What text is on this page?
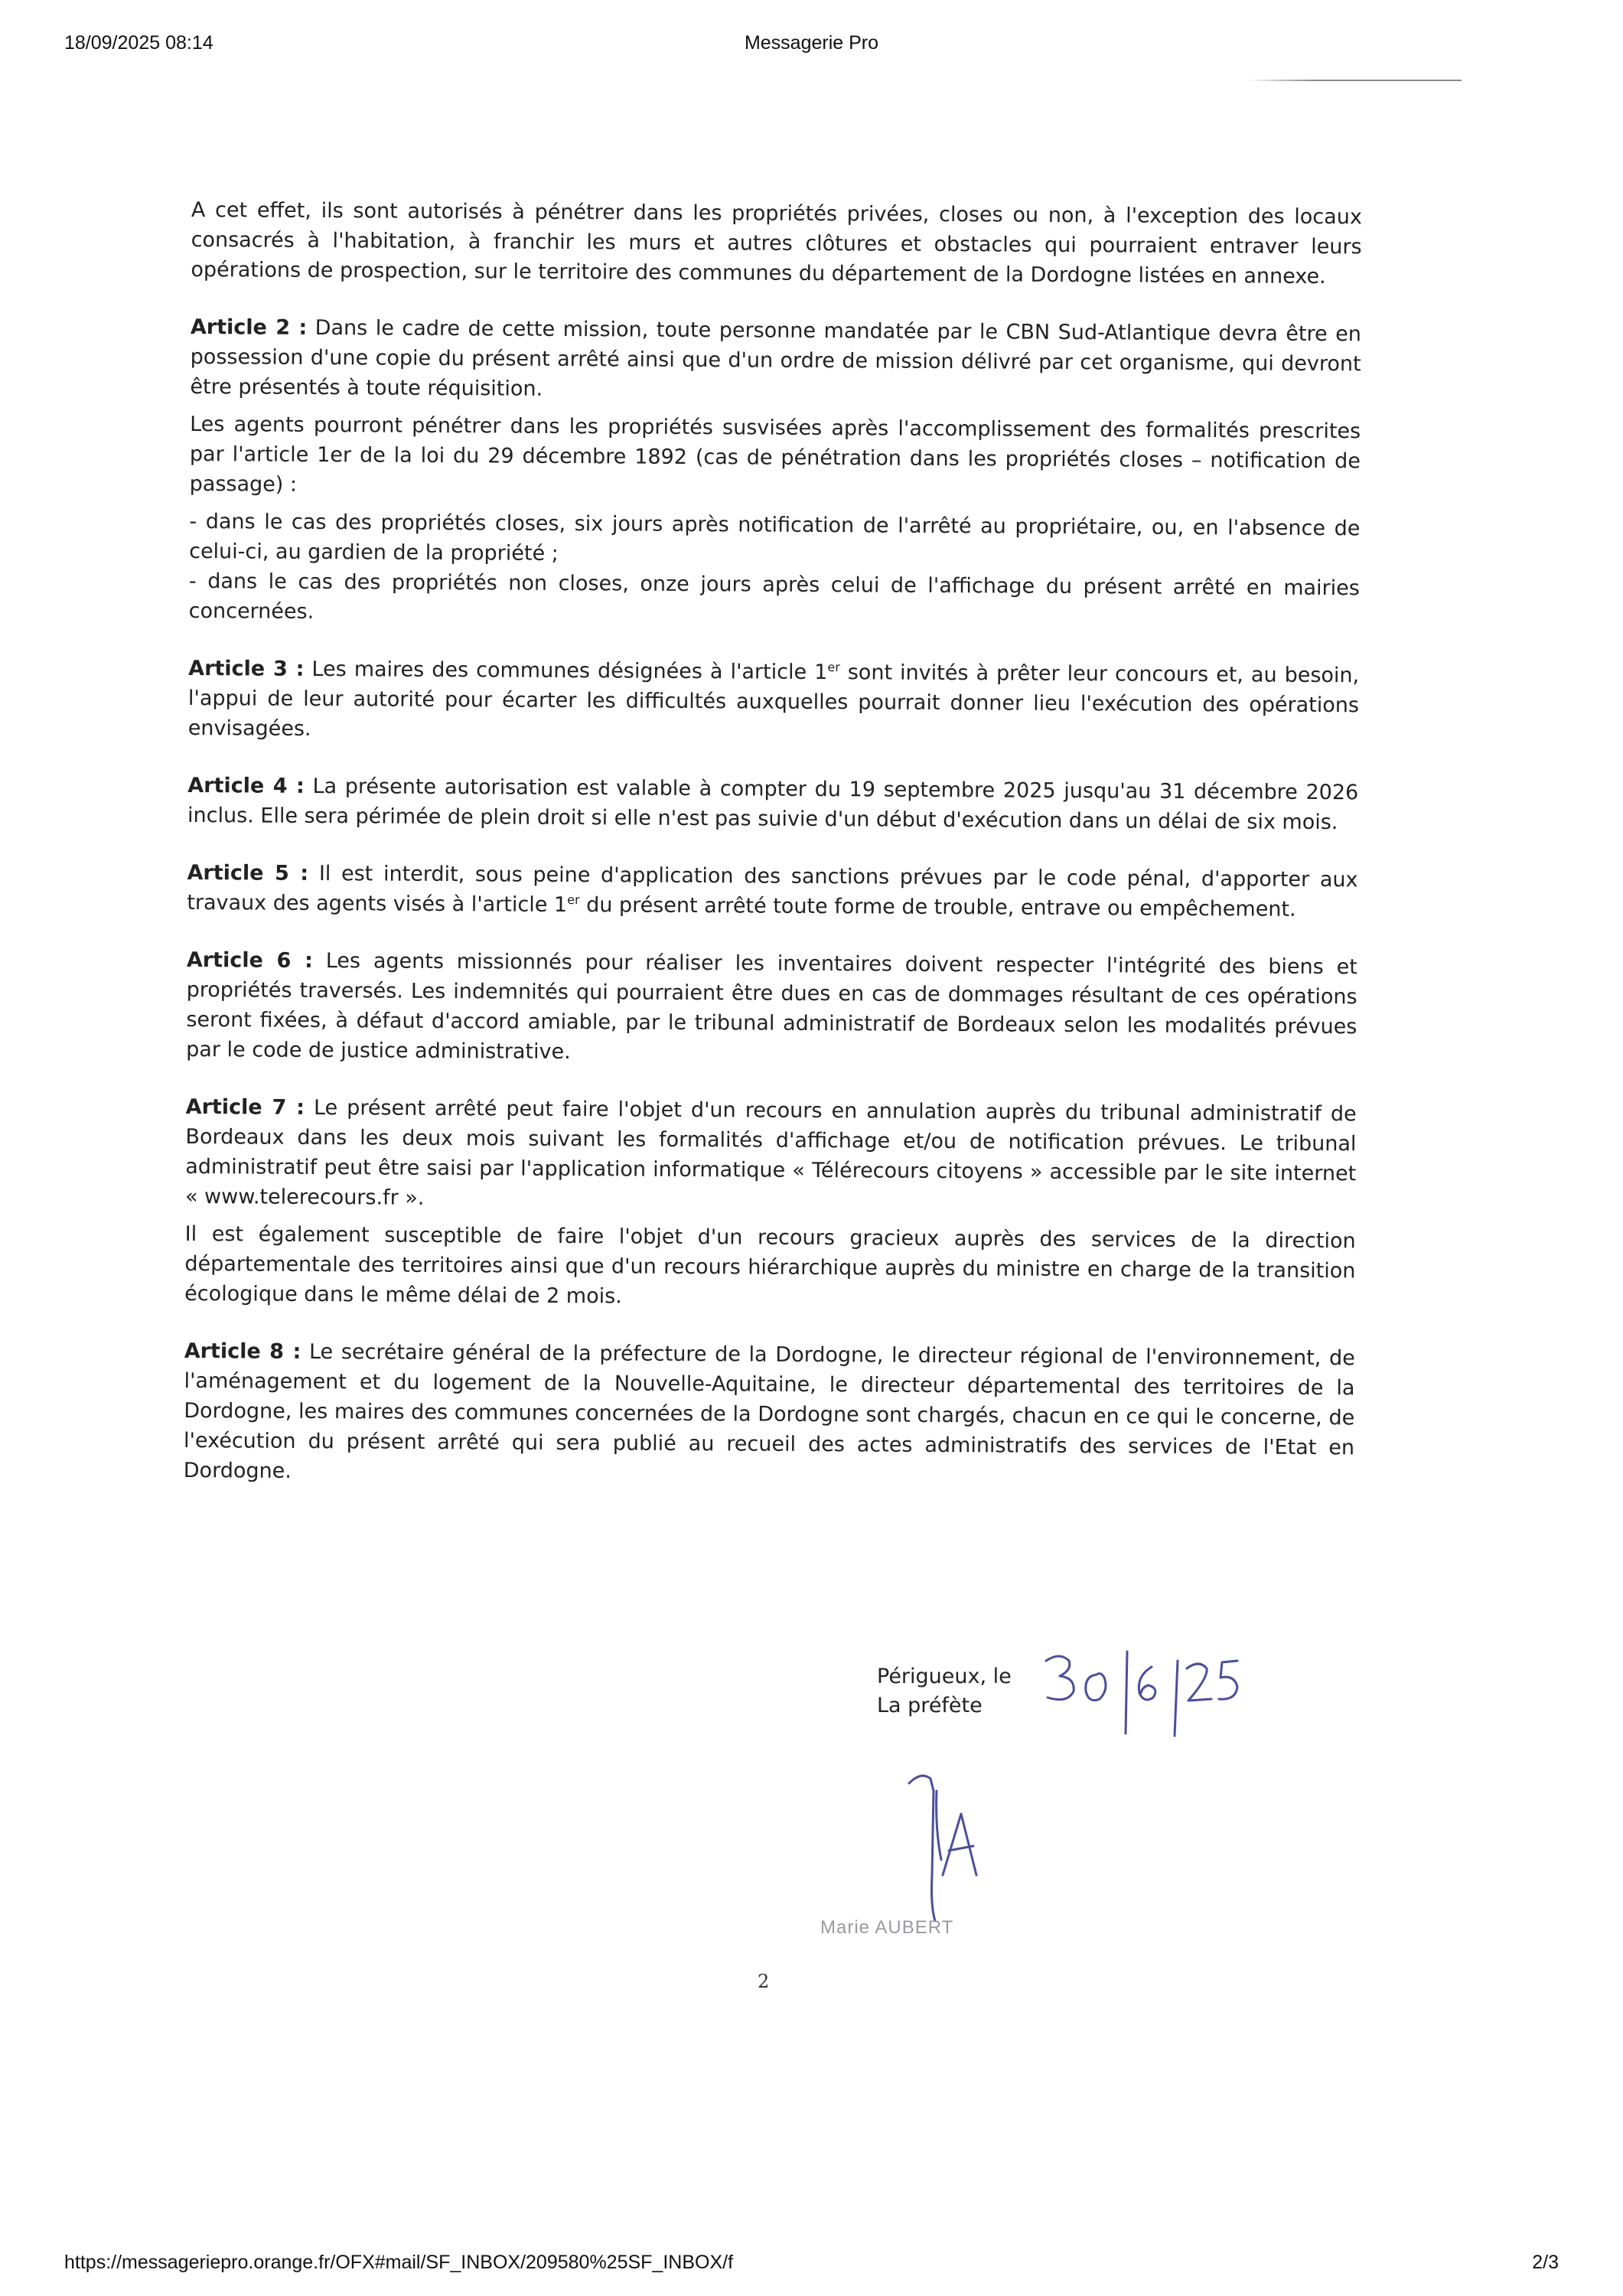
18/09/2025 08:14	Messagerie Pro

A cet effet, ils sont autorisés à pénétrer dans les propriétés privées, closes ou non, à l'exception des locaux consacrés à l'habitation, à franchir les murs et autres clôtures et obstacles qui pourraient entraver leurs opérations de prospection, sur le territoire des communes du département de la Dordogne listées en annexe.

Article 2 : Dans le cadre de cette mission, toute personne mandatée par le CBN Sud-Atlantique devra être en possession d'une copie du présent arrêté ainsi que d'un ordre de mission délivré par cet organisme, qui devront être présentés à toute réquisition.

Les agents pourront pénétrer dans les propriétés susvisées après l'accomplissement des formalités prescrites par l'article 1er de la loi du 29 décembre 1892 (cas de pénétration dans les propriétés closes – notification de passage) :

- dans le cas des propriétés closes, six jours après notification de l'arrêté au propriétaire, ou, en l'absence de celui-ci, au gardien de la propriété ;

- dans le cas des propriétés non closes, onze jours après celui de l'affichage du présent arrêté en mairies concernées.

Article 3 : Les maires des communes désignées à l'article 1er sont invités à prêter leur concours et, au besoin, l'appui de leur autorité pour écarter les difficultés auxquelles pourrait donner lieu l'exécution des opérations envisagées.

Article 4 : La présente autorisation est valable à compter du 19 septembre 2025 jusqu'au 31 décembre 2026 inclus. Elle sera périmée de plein droit si elle n'est pas suivie d'un début d'exécution dans un délai de six mois.

Article 5 : Il est interdit, sous peine d'application des sanctions prévues par le code pénal, d'apporter aux travaux des agents visés à l'article 1er du présent arrêté toute forme de trouble, entrave ou empêchement.

Article 6 : Les agents missionnés pour réaliser les inventaires doivent respecter l'intégrité des biens et propriétés traversés. Les indemnités qui pourraient être dues en cas de dommages résultant de ces opérations seront fixées, à défaut d'accord amiable, par le tribunal administratif de Bordeaux selon les modalités prévues par le code de justice administrative.

Article 7 : Le présent arrêté peut faire l'objet d'un recours en annulation auprès du tribunal administratif de Bordeaux dans les deux mois suivant les formalités d'affichage et/ou de notification prévues. Le tribunal administratif peut être saisi par l'application informatique « Télérecours citoyens » accessible par le site internet « www.telerecours.fr ».

Il est également susceptible de faire l'objet d'un recours gracieux auprès des services de la direction départementale des territoires ainsi que d'un recours hiérarchique auprès du ministre en charge de la transition écologique dans le même délai de 2 mois.

Article 8 : Le secrétaire général de la préfecture de la Dordogne, le directeur régional de l'environnement, de l'aménagement et du logement de la Nouvelle-Aquitaine, le directeur départemental des territoires de la Dordogne, les maires des communes concernées de la Dordogne sont chargés, chacun en ce qui le concerne, de l'exécution du présent arrêté qui sera publié au recueil des actes administratifs des services de l'Etat en Dordogne.

Périgueux, le
La préfète
Marie AUBERT
2
https://messageriepro.orange.fr/OFX#mail/SF_INBOX/209580%25SF_INBOX/f	2/3
